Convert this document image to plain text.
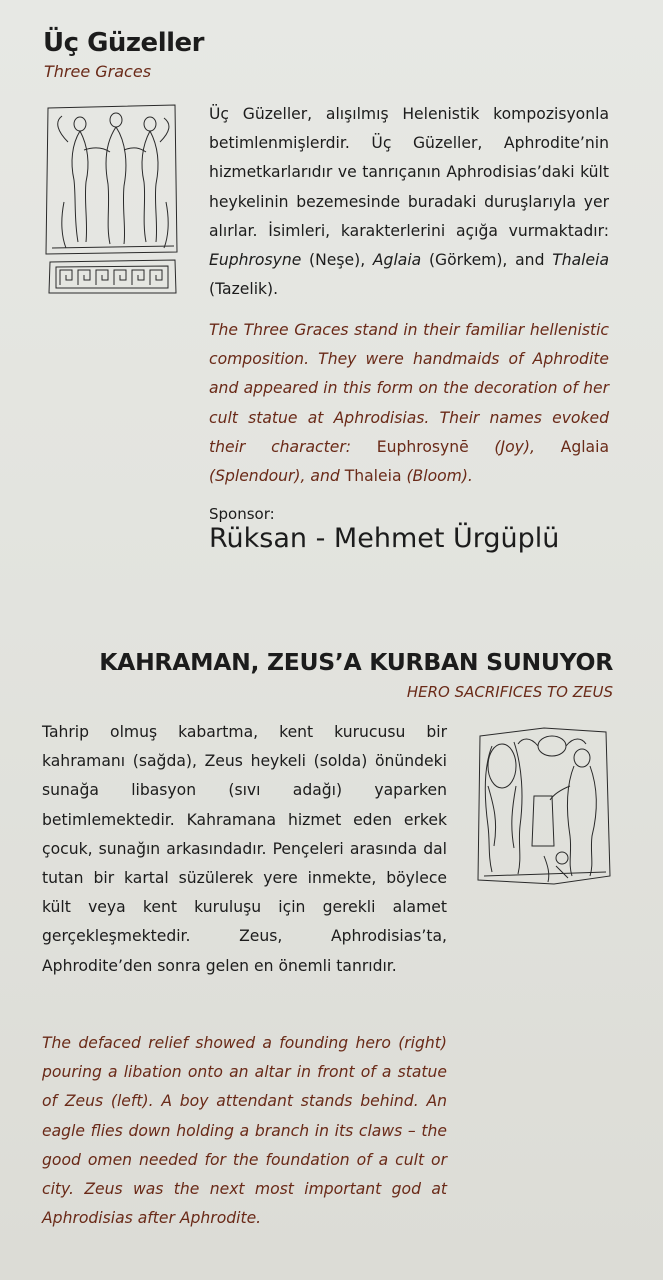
Üç Güzeller
Three Graces

Üç Güzeller, alışılmış Helenistik kompozisyonla betimlenmişlerdir. Üç Güzeller, Aphrodite’nin hizmetkarlarıdır ve tanrıçanın Aphrodisias’daki kült heykelinin bezemesinde buradaki duruşlarıyla yer alırlar. İsimleri, karakterlerini açığa vurmaktadır: Euphrosyne (Neşe), Aglaia (Görkem), and Thaleia (Tazelik).

The Three Graces stand in their familiar hellenistic composition. They were handmaids of Aphrodite and appeared in this form on the decoration of her cult statue at Aphrodisias. Their names evoked their character: Euphrosynē (Joy), Aglaia (Splendour), and Thaleia (Bloom).

Sponsor:
Rüksan - Mehmet Ürgüplü
KAHRAMAN, ZEUS’A KURBAN SUNUYOR
HERO SACRIFICES TO ZEUS

Tahrip olmuş kabartma, kent kurucusu bir kahramanı (sağda), Zeus heykeli (solda) önündeki sunağa libasyon (sıvı adağı) yaparken betimlemektedir. Kahramana hizmet eden erkek çocuk, sunağın arkasındadır. Pençeleri arasında dal tutan bir kartal süzülerek yere inmekte, böylece kült veya kent kuruluşu için gerekli alamet gerçekleşmektedir. Zeus, Aphrodisias’ta, Aphrodite’den sonra gelen en önemli tanrıdır.

The defaced relief showed a founding hero (right) pouring a libation onto an altar in front of a statue of Zeus (left). A boy attendant stands behind. An eagle flies down holding a branch in its claws – the good omen needed for the foundation of a cult or city. Zeus was the next most important god at Aphrodisias after Aphrodite.
